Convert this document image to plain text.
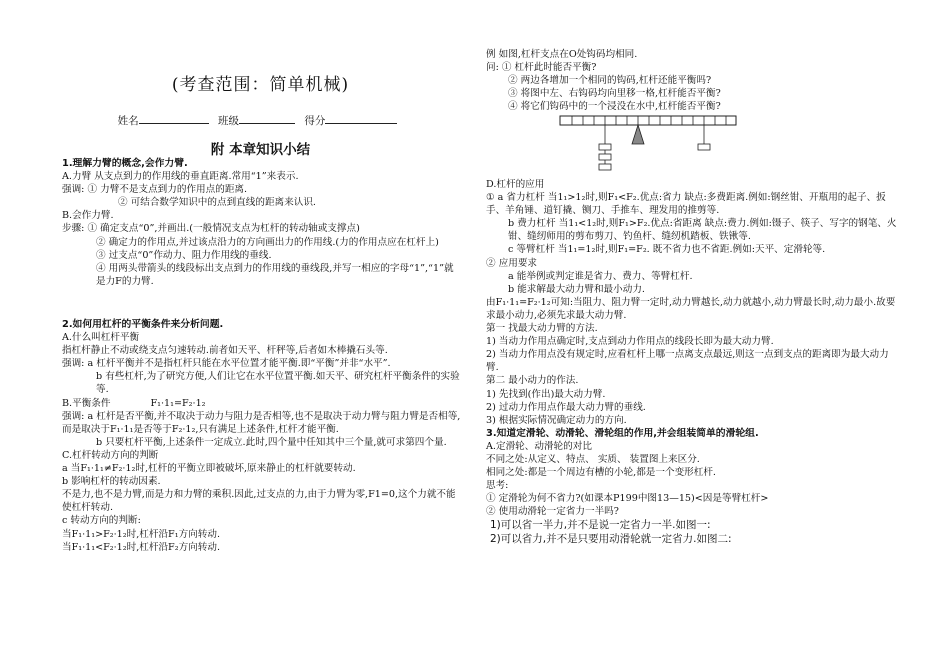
(考查范围：简单机械)
姓名	班级	得分
附 本章知识小结

1.理解力臂的概念,会作力臂.

A.力臂 从支点到力的作用线的垂直距离.常用“1”来表示.

强调: ① 力臂不是支点到力的作用点的距离.

② 可结合数学知识中的点到直线的距离来认识.

B.会作力臂.

步骤: ① 确定支点“0”,并画出.(一般情况支点为杠杆的转动轴或支撑点)

② 确定力的作用点,并过该点沿力的方向画出力的作用线.(力的作用点应在杠杆上)

③ 过支点“0”作动力、阻力作用线的垂线.

④ 用两头带箭头的线段标出支点到力的作用线的垂线段,并写一相应的字母“1”,“1”就是力F的力臂.

2.如何用杠杆的平衡条件来分析问题.

A.什么叫杠杆平衡

指杠杆静止不动或绕支点匀速转动.前者如天平、杆秤等,后者如木棒撬石头等.

强调: a 杠杆平衡并不是指杠杆只能在水平位置才能平衡.即“平衡”并非“水平”.

b 有些杠杆,为了研究方便,人们让它在水平位置平衡.如天平、研究杠杆平衡条件的实验等.

B.平衡条件	F₁·1₁=F₂·1₂

强调: a 杠杆是否平衡,并不取决于动力与阻力是否相等,也不是取决于动力臂与阻力臂是否相等,而是取决于F₁·1₁是否等于F₂·1₂,只有满足上述条件,杠杆才能平衡.

b 只要杠杆平衡,上述条件一定成立.此时,四个量中任知其中三个量,就可求第四个量.

C.杠杆转动方向的判断

a 当F₁·1₁≠F₂·1₂时,杠杆的平衡立即被破坏,原来静止的杠杆就要转动.

b 影响杠杆的转动因素.

不是力,也不是力臂,而是力和力臂的乘积.因此,过支点的力,由于力臂为零,F1=0,这个力就不能使杠杆转动.

c 转动方向的判断:

当F₁·1₁>F₂·1₂时,杠杆沿F₁方向转动.

当F₁·1₁<F₂·1₂时,杠杆沿F₂方向转动.

例 如图,杠杆支点在O处钩码均相同.

问: ① 杠杆此时能否平衡?

② 两边各增加一个相同的钩码,杠杆还能平衡吗?

③ 将图中左、右钩码均向里移一格,杠杆能否平衡?

④ 将它们钩码中的一个浸没在水中,杠杆能否平衡?

D.杠杆的应用

① a 省力杠杆 当1₁>1₂时,则F₁<F₂.优点:省力 缺点:多费距离.例如:钢丝钳、开瓶用的起子、扳手、羊角锤、道钉撬、铡刀、手推车、理发用的推剪等.

b 费力杠杆 当1₁<1₂时,则F₁>F₂.优点:省距离 缺点:费力.例如:镊子、筷子、写字的钢笔、火钳、缝纫师用的剪布剪刀、钓鱼杆、缝纫机踏板、铁锹等.

c 等臂杠杆 当1₁=1₂时,则F₁=F₂. 既不省力也不省距.例如:天平、定滑轮等.

② 应用要求

a 能举例或判定谁是省力、费力、等臂杠杆.

b 能求解最大动力臂和最小动力.

由F₁·1₁=F₂·1₂可知:当阻力、阻力臂一定时,动力臂越长,动力就越小,动力臂最长时,动力最小.故要求最小动力,必须先求最大动力臂.

第一 找最大动力臂的方法.

1) 当动力作用点确定时,支点到动力作用点的线段长即为最大动力臂.

2) 当动力作用点没有规定时,应看杠杆上哪一点离支点最远,则这一点到支点的距离即为最大动力臂.

第二 最小动力的作法.

1) 先找到(作出)最大动力臂.

2) 过动力作用点作最大动力臂的垂线.

3) 根据实际情况确定动力的方向.

3.知道定滑轮、动滑轮、滑轮组的作用,并会组装简单的滑轮组.

A.定滑轮、动滑轮的对比

不同之处:从定义、特点、 实质、 装置图上来区分.

相同之处:都是一个周边有槽的小轮,都是一个变形杠杆.

思考:

① 定滑轮为何不省力?(如课本P199中图13—15)<因是等臂杠杆>

② 使用动滑轮一定省力一半吗?

1)可以省一半力,并不是说一定省力一半.如图一:

2)可以省力,并不是只要用动滑轮就一定省力.如图二:
